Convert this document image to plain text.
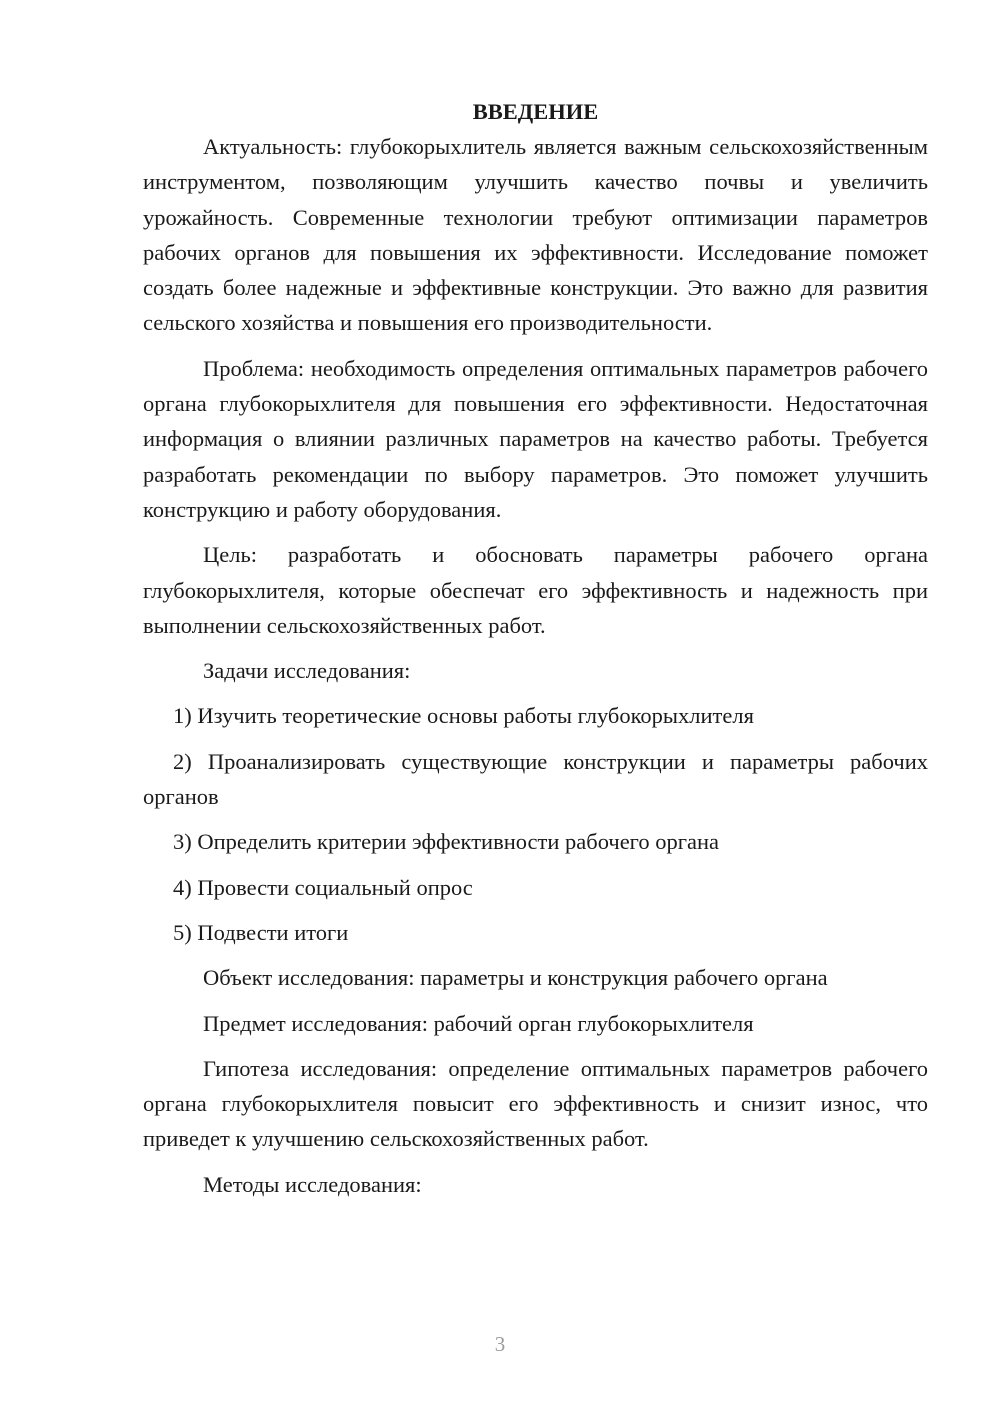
ВВЕДЕНИЕ

Актуальность: глубокорыхлитель является важным сельскохозяйственным инструментом, позволяющим улучшить качество почвы и увеличить урожайность. Современные технологии требуют оптимизации параметров рабочих органов для повышения их эффективности. Исследование поможет создать более надежные и эффективные конструкции. Это важно для развития сельского хозяйства и повышения его производительности.

Проблема: необходимость определения оптимальных параметров рабочего органа глубокорыхлителя для повышения его эффективности. Недостаточная информация о влиянии различных параметров на качество работы. Требуется разработать рекомендации по выбору параметров. Это поможет улучшить конструкцию и работу оборудования.

Цель: разработать и обосновать параметры рабочего органа глубокорыхлителя, которые обеспечат его эффективность и надежность при выполнении сельскохозяйственных работ.

Задачи исследования:

1) Изучить теоретические основы работы глубокорыхлителя

2) Проанализировать существующие конструкции и параметры рабочих органов

3) Определить критерии эффективности рабочего органа

4) Провести социальный опрос

5) Подвести итоги

Объект исследования: параметры и конструкция рабочего органа

Предмет исследования: рабочий орган глубокорыхлителя

Гипотеза исследования: определение оптимальных параметров рабочего органа глубокорыхлителя повысит его эффективность и снизит износ, что приведет к улучшению сельскохозяйственных работ.

Методы исследования:

3
